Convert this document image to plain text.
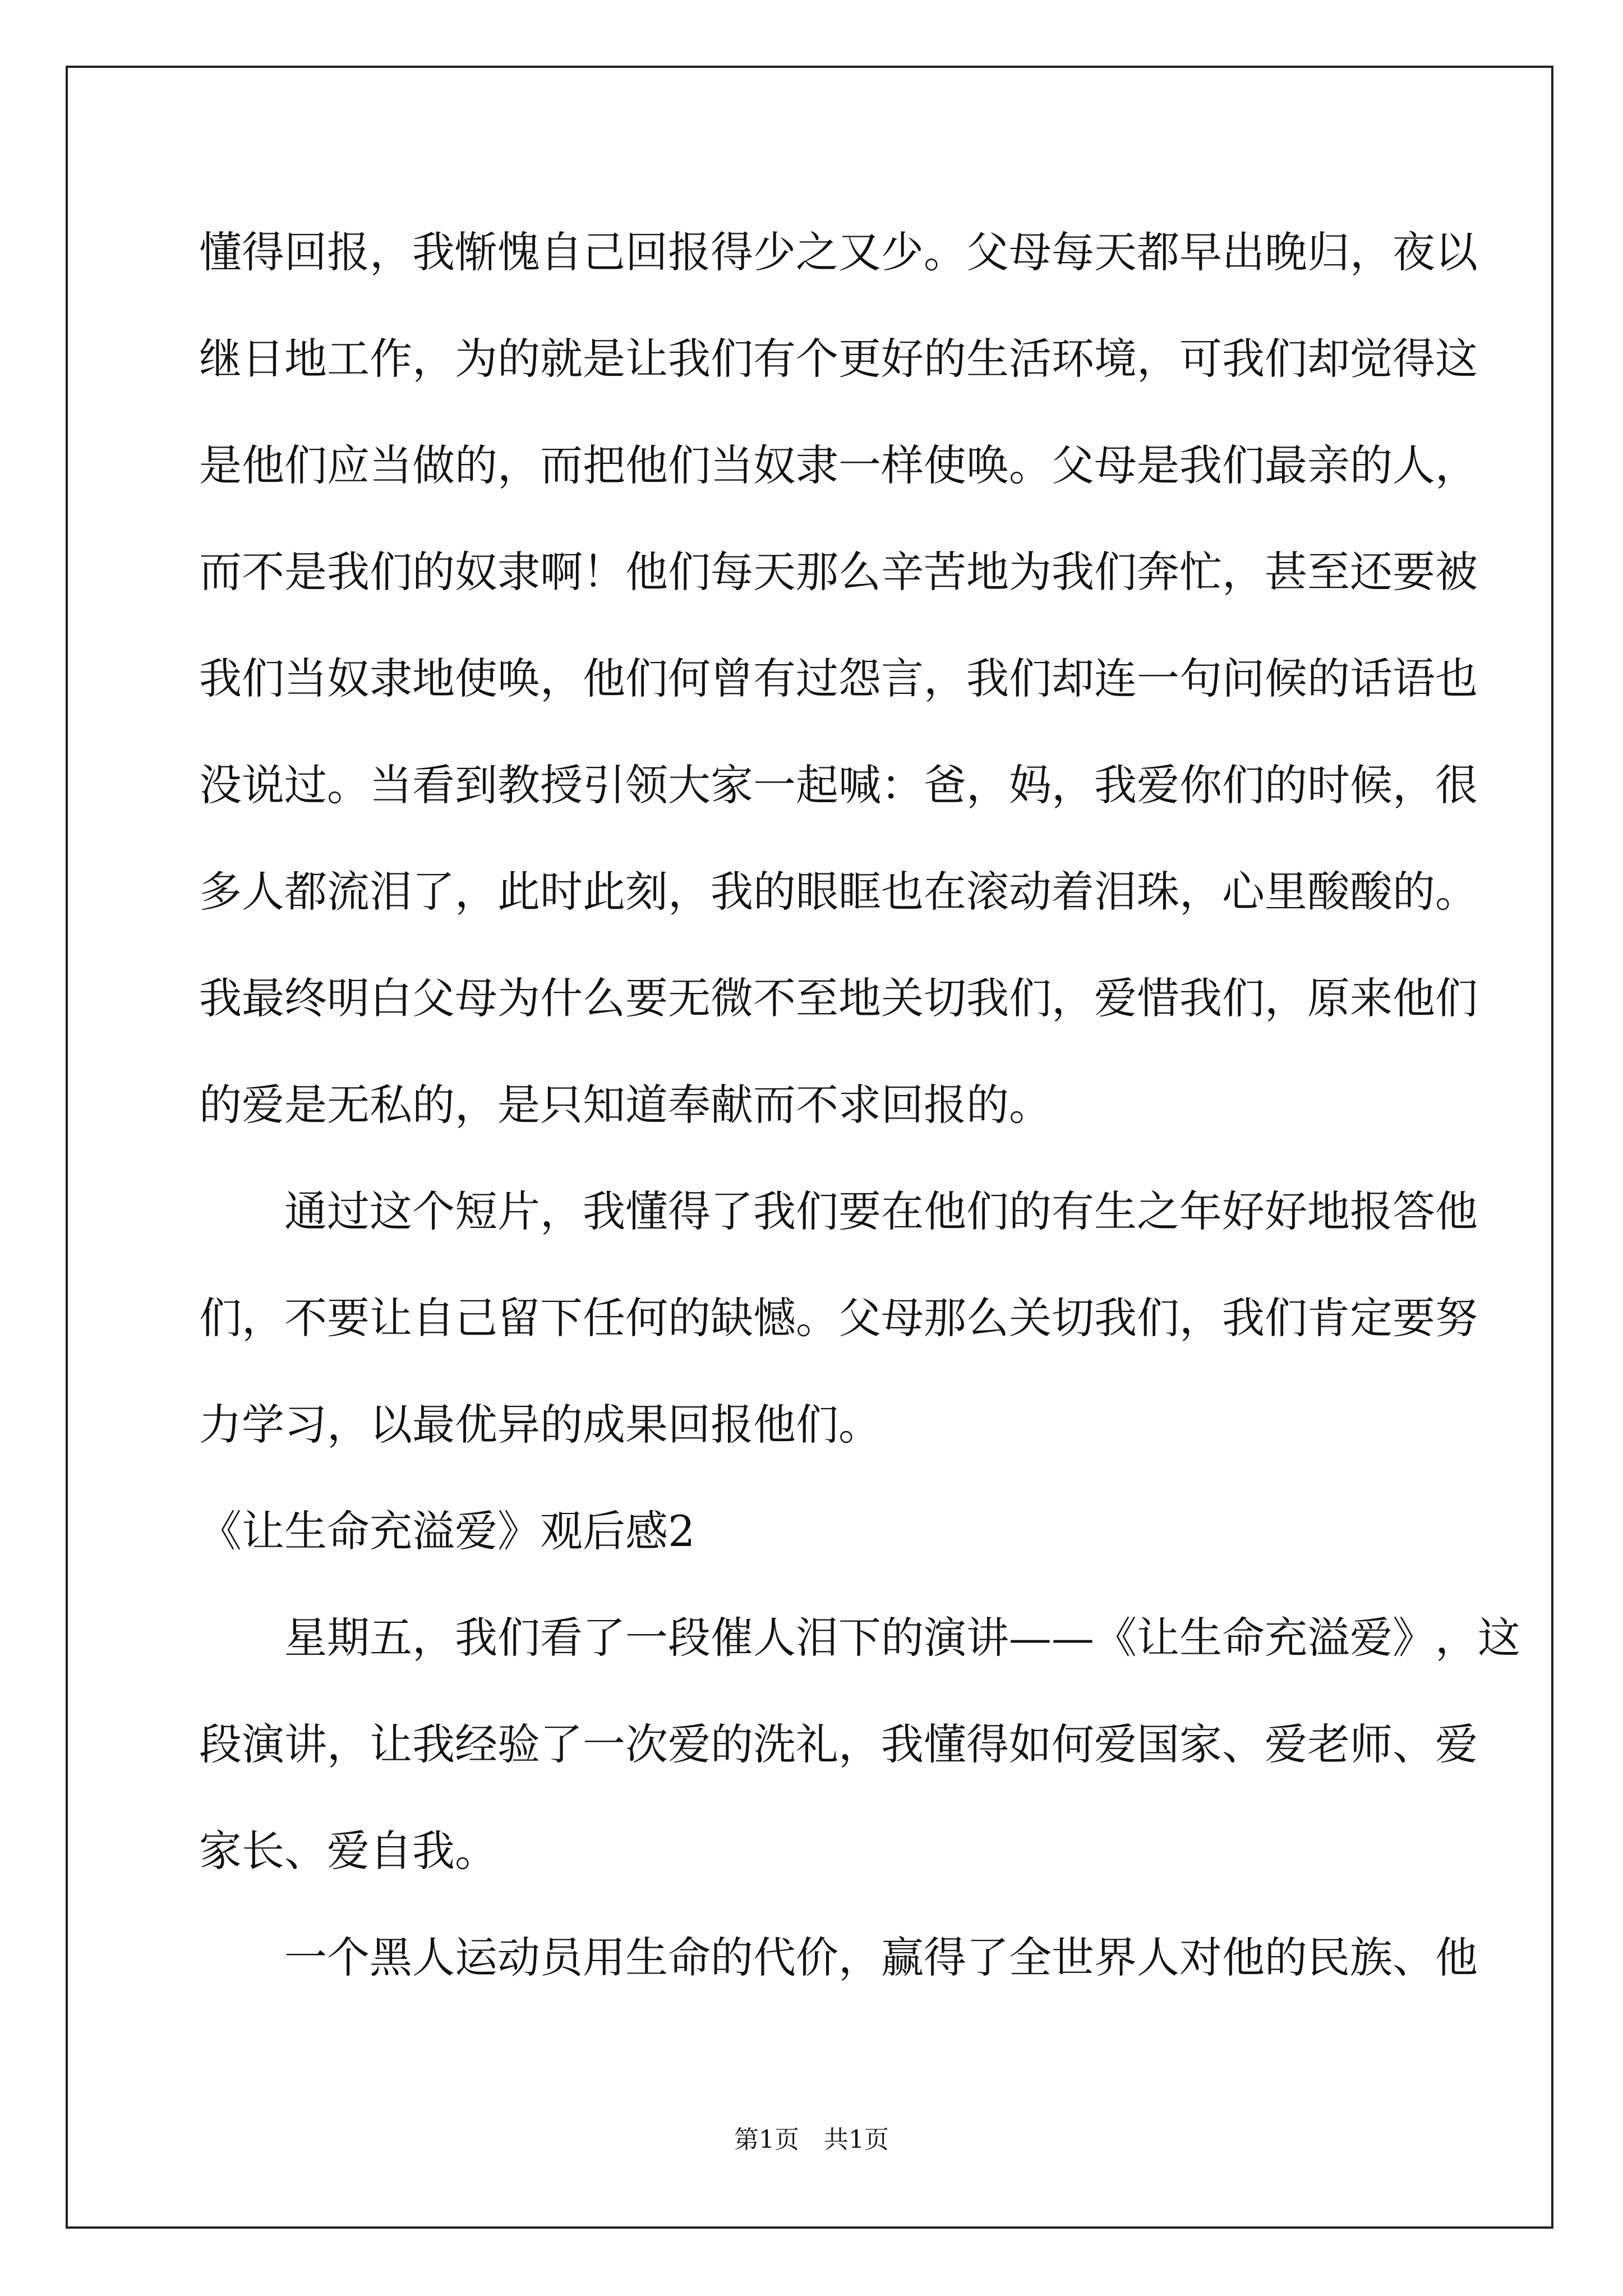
懂 得 回 报 ， 我 惭 愧 自 己 回 报 得 少 之 又 少 。 父 母 每 天 都 早 出 晚 归 ， 夜 以
继 日 地 工 作 ， 为 的 就 是 让 我 们 有 个 更 好 的 生 活 环 境 ， 可 我 们 却 觉 得 这
是 他 们 应 当 做 的 ， 而 把 他 们 当 奴 隶 一 样 使 唤 。 父 母 是 我 们 最 亲 的 人 ，
而 不 是 我 们 的 奴 隶 啊 ！ 他 们 每 天 那 么 辛 苦 地 为 我 们 奔 忙 ， 甚 至 还 要 被
我 们 当 奴 隶 地 使 唤 ， 他 们 何 曾 有 过 怨 言 ， 我 们 却 连 一 句 问 候 的 话 语 也
没 说 过 。 当 看 到 教 授 引 领 大 家 一 起 喊 ： 爸 ， 妈 ， 我 爱 你 们 的 时 候 ， 很
多 人 都 流 泪 了 ， 此 时 此 刻 ， 我 的 眼 眶 也 在 滚 动 着 泪 珠 ， 心 里 酸 酸 的 。
我 最 终 明 白 父 母 为 什 么 要 无 微 不 至 地 关 切 我 们 ， 爱 惜 我 们 ， 原 来 他 们
的爱是无私的，是只知道奉献而不求回报的。

通 过 这 个 短 片 ， 我 懂 得 了 我 们 要 在 他 们 的 有 生 之 年 好 好 地 报 答 他
们 ， 不 要 让 自 己 留 下 任 何 的 缺 憾 。 父 母 那 么 关 切 我 们 ， 我 们 肯 定 要 努
力学习，以最优异的成果回报他们。
《让生命充溢爱》观后感2

星 期 五 ， 我 们 看 了 一 段 催 人 泪 下 的 演 讲 — — 《 让 生 命 充 溢 爱 》 ， 这
段 演 讲 ， 让 我 经 验 了 一 次 爱 的 洗 礼 ， 我 懂 得 如 何 爱 国 家 、 爱 老 师 、 爱
家长、爱自我。

一 个 黑 人 运 动 员 用 生 命 的 代 价 ， 赢 得 了 全 世 界 人 对 他 的 民 族 、 他
第1页　共1页
